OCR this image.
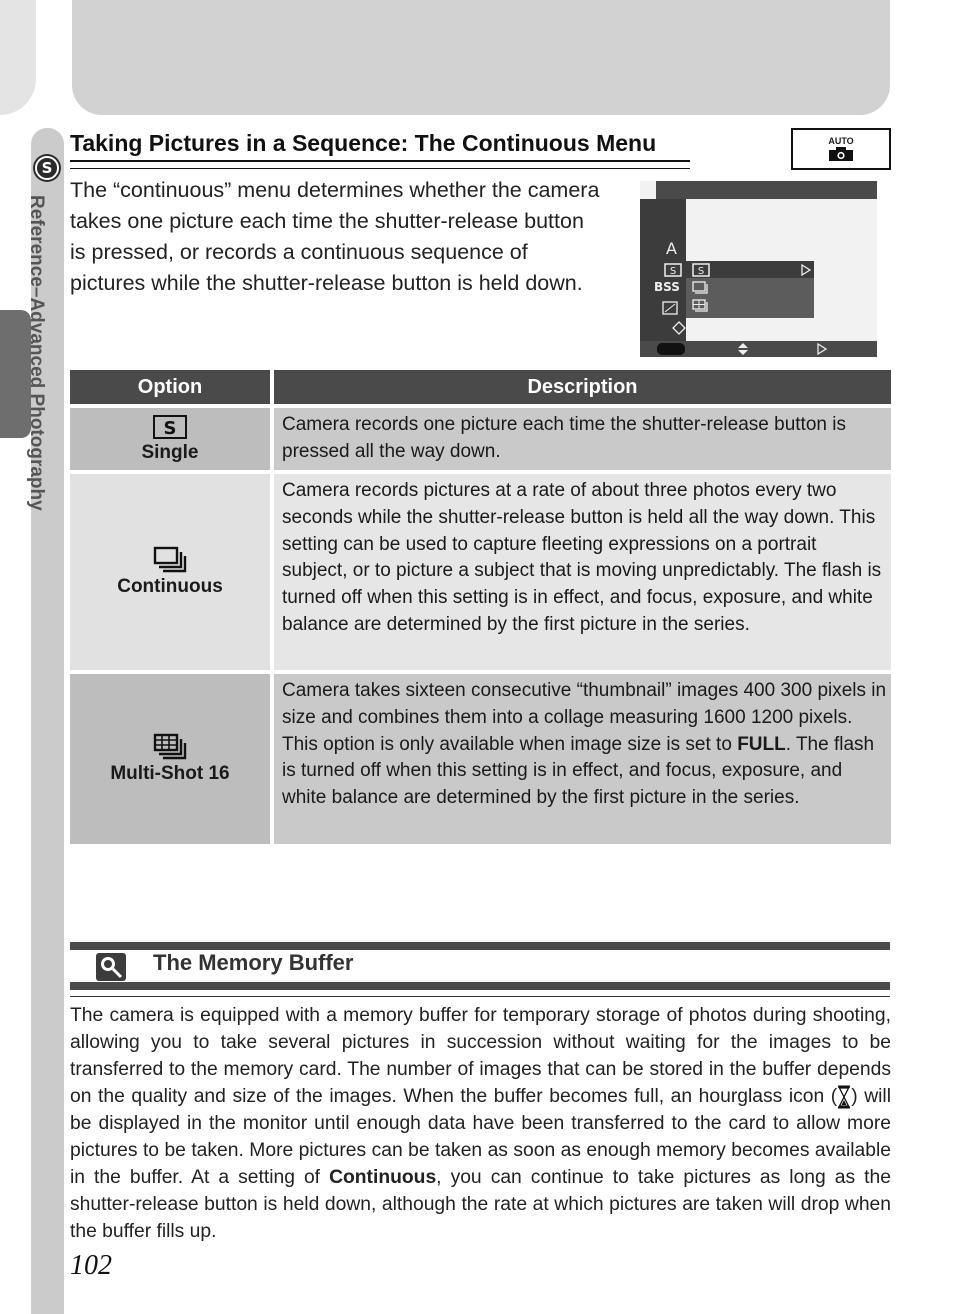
S
Reference–Advanced Photography
Taking Pictures in a Sequence: The Continuous Menu	AUTO
The “continuous” menu determines whether the camera takes one picture each time the shutter-release button is pressed, or records a continuous sequence of pictures while the shutter-release button is held down.
A
BSS
S S
Option	Description
S
Single
Camera records one picture each time the shutter-release button is pressed all the way down.
Continuous
Camera records pictures at a rate of about three photos every two seconds while the shutter-release button is held all the way down. This setting can be used to capture fleeting expressions on a portrait subject, or to picture a subject that is moving unpredictably. The flash is turned off when this setting is in effect, and focus, exposure, and white balance are determined by the first picture in the series.
Multi-Shot 16
Camera takes sixteen consecutive “thumbnail” images 400 300 pixels in size and combines them into a collage measuring 1600 1200 pixels. This option is only available when image size is set to FULL. The flash is turned off when this setting is in effect, and focus, exposure, and white balance are determined by the first picture in the series.
The Memory Buffer
The camera is equipped with a memory buffer for temporary storage of photos during shooting, allowing you to take several pictures in succession without waiting for the images to be transferred to the memory card. The number of images that can be stored in the buffer depends on the quality and size of the images. When the buffer becomes full, an hourglass icon ( ) will be displayed in the monitor until enough data have been transferred to the card to allow more pictures to be taken. More pictures can be taken as soon as enough memory becomes available in the buffer. At a setting of Continuous, you can continue to take pictures as long as the shutter-release button is held down, although the rate at which pictures are taken will drop when the buffer fills up.
102
